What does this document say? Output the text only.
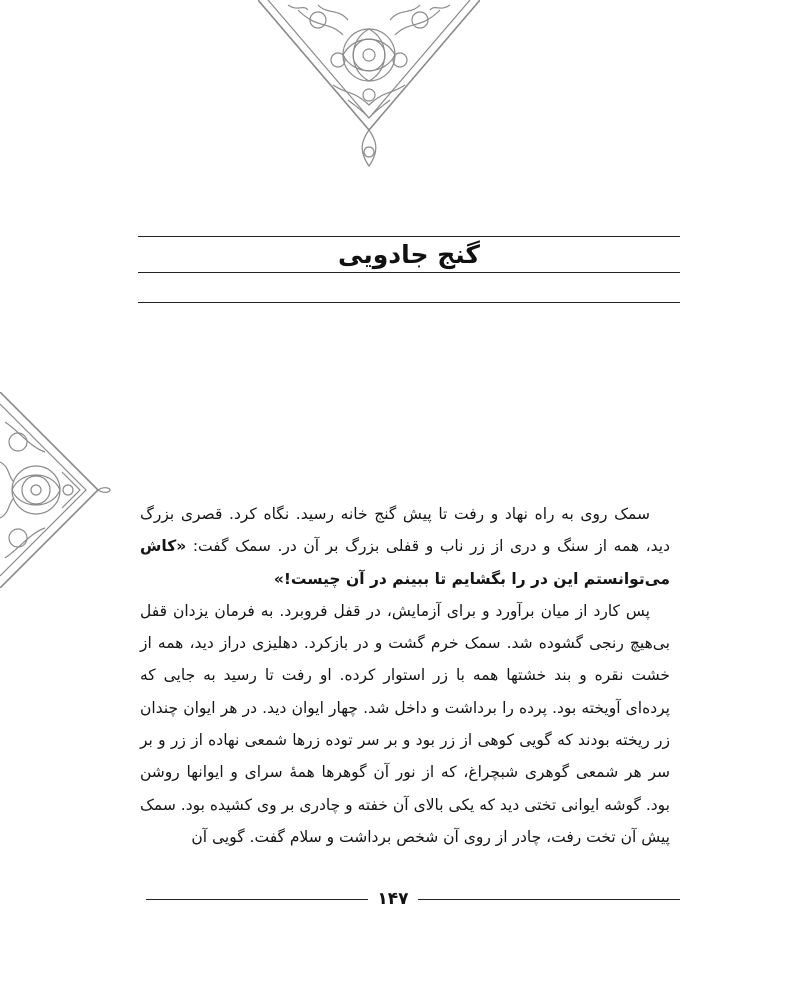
گنج جادویی

سمک روی به راه نهاد و رفت تا پیش گنج خانه رسید. نگاه کرد. قصری بزرگ دید، همه از سنگ و دری از زر ناب و قفلی بزرگ بر آن در. سمک گفت: «کاش می‌توانستم این در را بگشایم تا ببینم در آن چیست!»

پس کارد از میان برآورد و برای آزمایش، در قفل فروبرد. به فرمان یزدان قفل بی‌هیچ رنجی گشوده شد. سمک خرم گشت و در بازکرد. دهلیزی دراز دید، همه از خشت نقره و بند خشتها همه با زر استوار کرده. او رفت تا رسید به جایی که پرده‌ای آویخته بود. پرده را برداشت و داخل شد. چهار ایوان دید. در هر ایوان چندان زر ریخته بودند که گویی کوهی از زر بود و بر سر توده زرها شمعی نهاده از زر و بر سر هر شمعی گوهری شبچراغ، که از نور آن گوهرها همهٔ سرای و ایوانها روشن بود. گوشه ایوانی تختی دید که یکی بالای آن خفته و چادری بر وی کشیده بود. سمک پیش آن تخت رفت، چادر از روی آن شخص برداشت و سلام گفت. گویی آن

۱۴۷
